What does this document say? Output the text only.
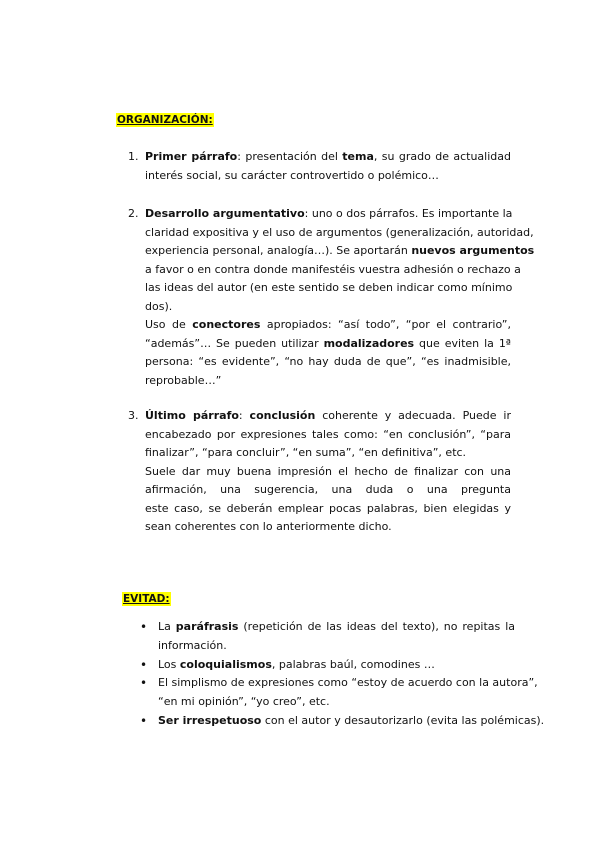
ORGANIZACIÓN:
1. Primer párrafo: presentación del tema, su grado de actualidad
interés social, su carácter controvertido o polémico…
2. Desarrollo argumentativo: uno o dos párrafos. Es importante la
claridad expositiva y el uso de argumentos (generalización, autoridad,
experiencia personal, analogía…). Se aportarán nuevos argumentos
a favor o en contra donde manifestéis vuestra adhesión o rechazo a
las ideas del autor (en este sentido se deben indicar como mínimo
dos).
Uso de conectores apropiados: “así todo”, “por el contrario”,
“además”… Se pueden utilizar modalizadores que eviten la 1ª
persona: “es evidente”, “no hay duda de que”, “es inadmisible,
reprobable…”
3. Último párrafo: conclusión coherente y adecuada. Puede ir
encabezado por expresiones tales como: “en conclusión”, “para
finalizar”, “para concluir”, “en suma”, “en definitiva”, etc.
Suele dar muy buena impresión el hecho de finalizar con una
afirmación, una sugerencia, una duda o una pregunta
este caso, se deberán emplear pocas palabras, bien elegidas y
sean coherentes con lo anteriormente dicho.
EVITAD:
• La paráfrasis (repetición de las ideas del texto), no repitas la
información.
• Los coloquialismos, palabras baúl, comodines …
• El simplismo de expresiones como “estoy de acuerdo con la autora”,
“en mi opinión”, “yo creo”, etc.
• Ser irrespetuoso con el autor y desautorizarlo (evita las polémicas).
